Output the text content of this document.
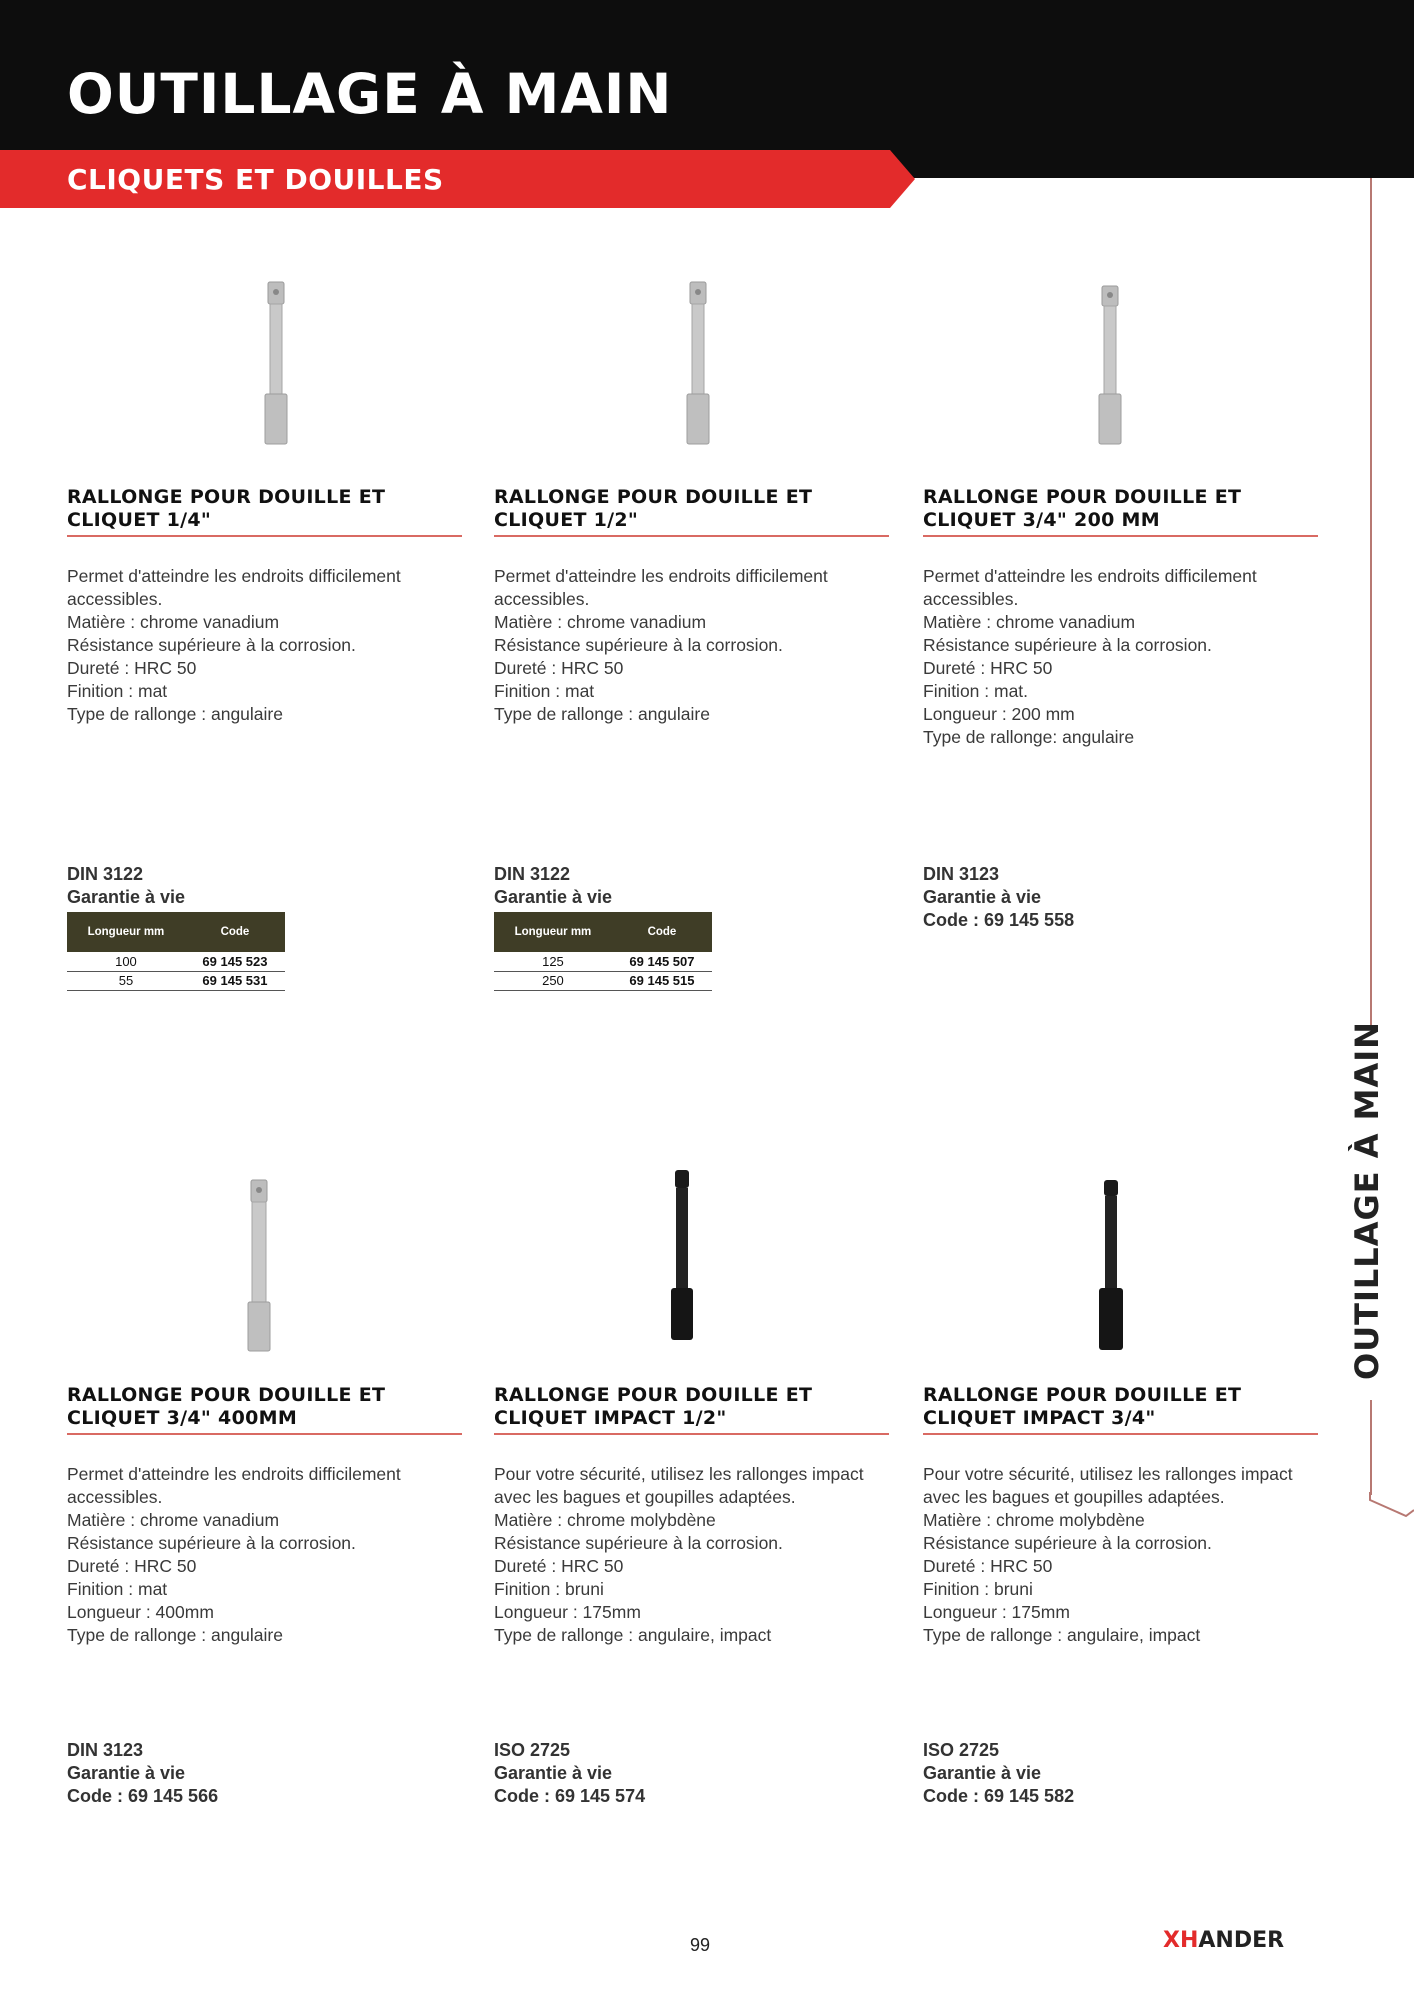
OUTILLAGE À MAIN
CLIQUETS ET DOUILLES
OUTILLAGE À MAIN
RALLONGE POUR DOUILLE ET
CLIQUET 1/4"
Permet d'atteindre les endroits difficilement
accessibles.
Matière : chrome vanadium
Résistance supérieure à la corrosion.
Dureté : HRC 50
Finition : mat
Type de rallonge : angulaire
DIN 3122
Garantie à vie
Longueur mm	Code
100	69 145 523
55	69 145 531
RALLONGE POUR DOUILLE ET
CLIQUET 1/2"
Permet d'atteindre les endroits difficilement
accessibles.
Matière : chrome vanadium
Résistance supérieure à la corrosion.
Dureté : HRC 50
Finition : mat
Type de rallonge : angulaire
DIN 3122
Garantie à vie
Longueur mm	Code
125	69 145 507
250	69 145 515
RALLONGE POUR DOUILLE ET
CLIQUET 3/4" 200 MM
Permet d'atteindre les endroits difficilement
accessibles.
Matière : chrome vanadium
Résistance supérieure à la corrosion.
Dureté : HRC 50
Finition : mat.
Longueur : 200 mm
Type de rallonge: angulaire
DIN 3123
Garantie à vie
Code : 69 145 558
RALLONGE POUR DOUILLE ET
CLIQUET 3/4" 400MM
Permet d'atteindre les endroits difficilement
accessibles.
Matière : chrome vanadium
Résistance supérieure à la corrosion.
Dureté : HRC 50
Finition : mat
Longueur : 400mm
Type de rallonge : angulaire
DIN 3123
Garantie à vie
Code : 69 145 566
RALLONGE POUR DOUILLE ET
CLIQUET IMPACT 1/2"
Pour votre sécurité, utilisez les rallonges impact
avec les bagues et goupilles adaptées.
Matière : chrome molybdène
Résistance supérieure à la corrosion.
Dureté : HRC 50
Finition : bruni
Longueur : 175mm
Type de rallonge : angulaire, impact
ISO 2725
Garantie à vie
Code : 69 145 574
RALLONGE POUR DOUILLE ET
CLIQUET IMPACT 3/4"
Pour votre sécurité, utilisez les rallonges impact
avec les bagues et goupilles adaptées.
Matière : chrome molybdène
Résistance supérieure à la corrosion.
Dureté : HRC 50
Finition : bruni
Longueur : 175mm
Type de rallonge : angulaire, impact
ISO 2725
Garantie à vie
Code : 69 145 582
99	XHANDER
